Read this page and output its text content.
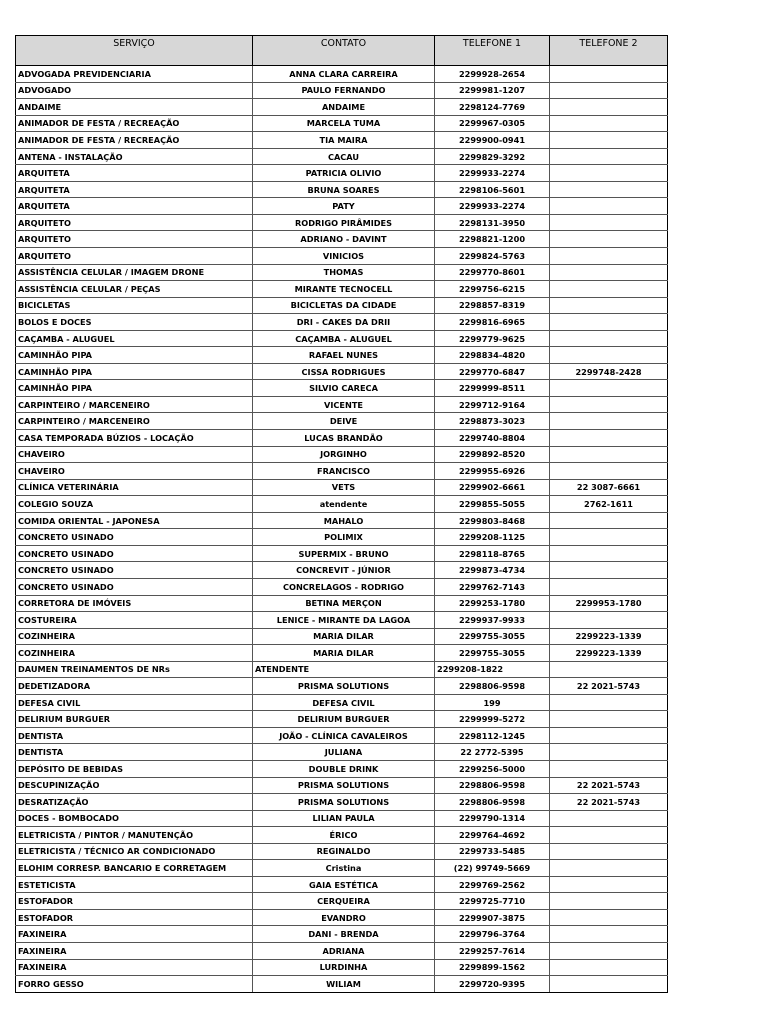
SERVIÇO	CONTATO	TELEFONE 1	TELEFONE 2
ADVOGADA PREVIDENCIARIA	ANNA CLARA CARREIRA	2299928-2654	
ADVOGADO	PAULO FERNANDO	2299981-1207	
ANDAIME	ANDAIME	2298124-7769	
ANIMADOR DE FESTA / RECREAÇÃO	MARCELA TUMA	2299967-0305	
ANIMADOR DE FESTA / RECREAÇÃO	TIA MAIRA	2299900-0941	
ANTENA - INSTALAÇÃO	CACAU	2299829-3292	
ARQUITETA	PATRICIA OLIVIO	2299933-2274	
ARQUITETA	BRUNA SOARES	2298106-5601	
ARQUITETA	PATY	2299933-2274	
ARQUITETO	RODRIGO PIRÂMIDES	2298131-3950	
ARQUITETO	ADRIANO - DAVINT	2298821-1200	
ARQUITETO	VINICIOS	2299824-5763	
ASSISTÊNCIA CELULAR / IMAGEM DRONE	THOMAS	2299770-8601	
ASSISTÊNCIA CELULAR / PEÇAS	MIRANTE TECNOCELL	2299756-6215	
BICICLETAS	BICICLETAS DA CIDADE	2298857-8319	
BOLOS E DOCES	DRI - CAKES DA DRII	2299816-6965	
CAÇAMBA - ALUGUEL	CAÇAMBA - ALUGUEL	2299779-9625	
CAMINHÃO PIPA	RAFAEL NUNES	2298834-4820	
CAMINHÃO PIPA	CISSA RODRIGUES	2299770-6847	2299748-2428
CAMINHÃO PIPA	SILVIO CARECA	2299999-8511	
CARPINTEIRO / MARCENEIRO	VICENTE	2299712-9164	
CARPINTEIRO / MARCENEIRO	DEIVE	2298873-3023	
CASA TEMPORADA BÚZIOS - LOCAÇÃO	LUCAS BRANDÃO	2299740-8804	
CHAVEIRO	JORGINHO	2299892-8520	
CHAVEIRO	FRANCISCO	2299955-6926	
CLÍNICA VETERINÁRIA	VETS	2299902-6661	22 3087-6661
COLEGIO SOUZA	atendente	2299855-5055	2762-1611
COMIDA ORIENTAL - JAPONESA	MAHALO	2299803-8468	
CONCRETO USINADO	POLIMIX	2299208-1125	
CONCRETO USINADO	SUPERMIX - BRUNO	2298118-8765	
CONCRETO USINADO	CONCREVIT - JÚNIOR	2299873-4734	
CONCRETO USINADO	CONCRELAGOS - RODRIGO	2299762-7143	
CORRETORA DE IMÓVEIS	BETINA MERÇON	2299253-1780	2299953-1780
COSTUREIRA	LENICE - MIRANTE DA LAGOA	2299937-9933	
COZINHEIRA	MARIA DILAR	2299755-3055	2299223-1339
COZINHEIRA	MARIA DILAR	2299755-3055	2299223-1339
DAUMEN TREINAMENTOS DE NRs	ATENDENTE	2299208-1822	
DEDETIZADORA	PRISMA SOLUTIONS	2298806-9598	22 2021-5743
DEFESA CIVIL	DEFESA CIVIL	199	
DELIRIUM BURGUER	DELIRIUM BURGUER	2299999-5272	
DENTISTA	JOÃO - CLÍNICA CAVALEIROS	2298112-1245	
DENTISTA	JULIANA	22 2772-5395	
DEPÓSITO DE BEBIDAS	DOUBLE DRINK	2299256-5000	
DESCUPINIZAÇÃO	PRISMA SOLUTIONS	2298806-9598	22 2021-5743
DESRATIZAÇÃO	PRISMA SOLUTIONS	2298806-9598	22 2021-5743
DOCES - BOMBOCADO	LILIAN PAULA	2299790-1314	
ELETRICISTA / PINTOR / MANUTENÇÃO	ÉRICO	2299764-4692	
ELETRICISTA / TÉCNICO AR CONDICIONADO	REGINALDO	2299733-5485	
ELOHIM CORRESP. BANCARIO E CORRETAGEM	Cristina	(22) 99749-5669	
ESTETICISTA	GAIA ESTÉTICA	2299769-2562	
ESTOFADOR	CERQUEIRA	2299725-7710	
ESTOFADOR	EVANDRO	2299907-3875	
FAXINEIRA	DANI - BRENDA	2299796-3764	
FAXINEIRA	ADRIANA	2299257-7614	
FAXINEIRA	LURDINHA	2299899-1562	
FORRO GESSO	WILIAM	2299720-9395	
